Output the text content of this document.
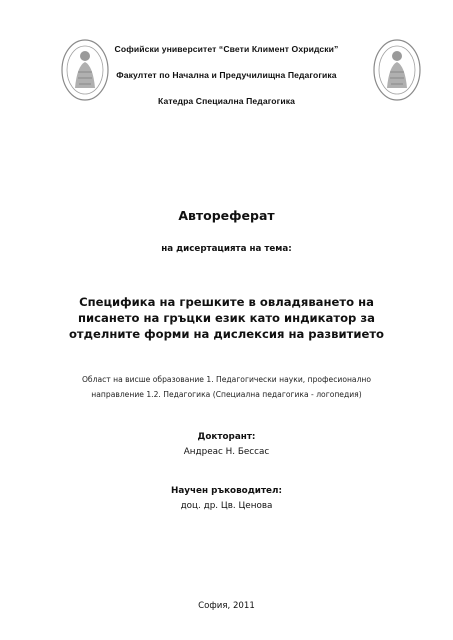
Софийски университет “Свети Климент Охридски”
Факултет по Начална и Предучилищна Педагогика
Катедра Специална Педагогика
Автореферат
на дисертацията на тема:
Специфика на грешките в овладяването на
писането на гръцки език като индикатор за
отделните форми на дислексия на развитието
Област на висше образование 1. Педагогически науки, професионално
направление 1.2. Педагогика (Специална педагогика - логопедия)
Докторант:
Андреас Н. Бессас
Научен ръководител:
доц. др. Цв. Ценова
София, 2011
